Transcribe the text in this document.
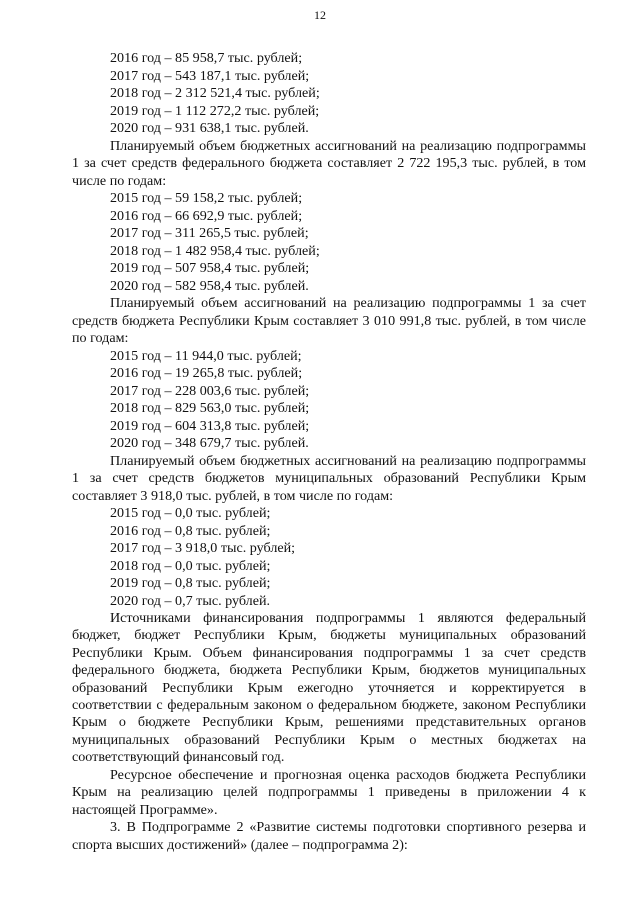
12
2016 год – 85 958,7 тыс. рублей;
2017 год – 543 187,1 тыс. рублей;
2018 год – 2 312 521,4 тыс. рублей;
2019 год – 1 112 272,2 тыс. рублей;
2020 год – 931 638,1 тыс. рублей.

Планируемый объем бюджетных ассигнований на реализацию подпрограммы 1 за счет средств федерального бюджета составляет 2 722 195,3 тыс. рублей, в том числе по годам:

2015 год – 59 158,2 тыс. рублей;
2016 год – 66 692,9 тыс. рублей;
2017 год – 311 265,5 тыс. рублей;
2018 год – 1 482 958,4 тыс. рублей;
2019 год – 507 958,4 тыс. рублей;
2020 год – 582 958,4 тыс. рублей.

Планируемый объем ассигнований на реализацию подпрограммы 1 за счет средств бюджета Республики Крым составляет 3 010 991,8 тыс. рублей, в том числе по годам:

2015 год – 11 944,0 тыс. рублей;
2016 год – 19 265,8 тыс. рублей;
2017 год – 228 003,6 тыс. рублей;
2018 год – 829 563,0 тыс. рублей;
2019 год – 604 313,8 тыс. рублей;
2020 год – 348 679,7 тыс. рублей.

Планируемый объем бюджетных ассигнований на реализацию подпрограммы 1 за счет средств бюджетов муниципальных образований Республики Крым составляет 3 918,0 тыс. рублей, в том числе по годам:

2015 год – 0,0 тыс. рублей;
2016 год – 0,8 тыс. рублей;
2017 год – 3 918,0 тыс. рублей;
2018 год – 0,0 тыс. рублей;
2019 год – 0,8 тыс. рублей;
2020 год – 0,7 тыс. рублей.

Источниками финансирования подпрограммы 1 являются федеральный бюджет, бюджет Республики Крым, бюджеты муниципальных образований Республики Крым. Объем финансирования подпрограммы 1 за счет средств федерального бюджета, бюджета Республики Крым, бюджетов муниципальных образований Республики Крым ежегодно уточняется и корректируется в соответствии с федеральным законом о федеральном бюджете, законом Республики Крым о бюджете Республики Крым, решениями представительных органов муниципальных образований Республики Крым о местных бюджетах на соответствующий финансовый год.

Ресурсное обеспечение и прогнозная оценка расходов бюджета Республики Крым на реализацию целей подпрограммы 1 приведены в приложении 4 к настоящей Программе».

3. В Подпрограмме 2 «Развитие системы подготовки спортивного резерва и спорта высших достижений» (далее – подпрограмма 2):
